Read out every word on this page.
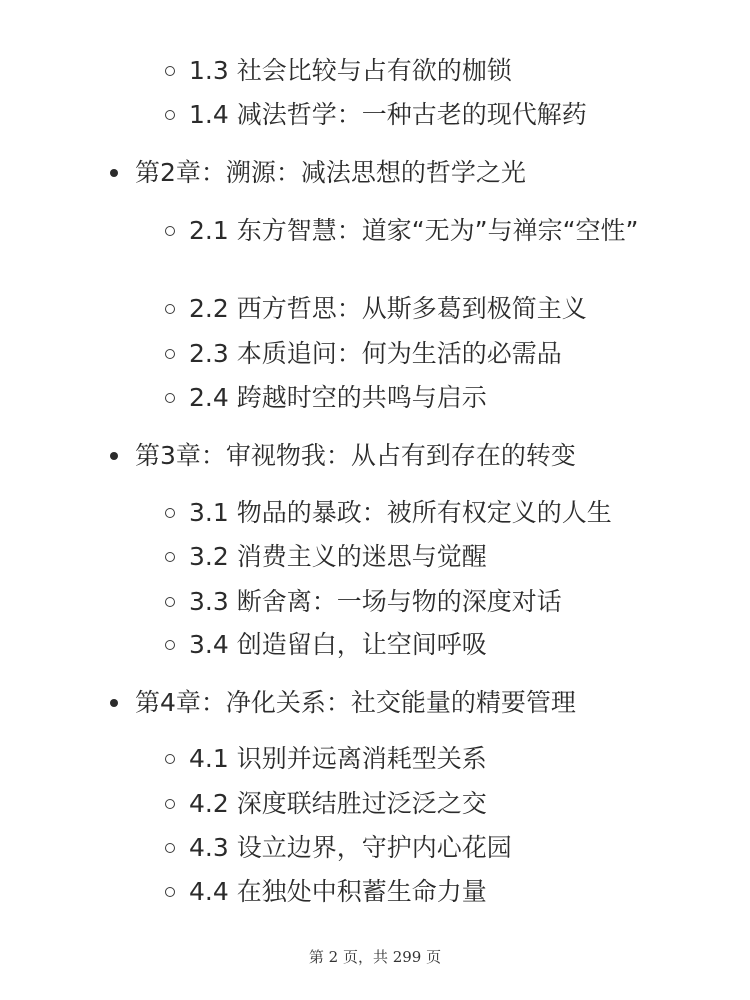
1.3 社会比较与占有欲的枷锁
1.4 减法哲学：一种古老的现代解药
第2章：溯源：减法思想的哲学之光
2.1 东方智慧：道家“无为”与禅宗“空性”
2.2 西方哲思：从斯多葛到极简主义
2.3 本质追问：何为生活的必需品
2.4 跨越时空的共鸣与启示
第3章：审视物我：从占有到存在的转变
3.1 物品的暴政：被所有权定义的人生
3.2 消费主义的迷思与觉醒
3.3 断舍离：一场与物的深度对话
3.4 创造留白，让空间呼吸
第4章：净化关系：社交能量的精要管理
4.1 识别并远离消耗型关系
4.2 深度联结胜过泛泛之交
4.3 设立边界，守护内心花园
4.4 在独处中积蓄生命力量
第 2 页，共 299 页
